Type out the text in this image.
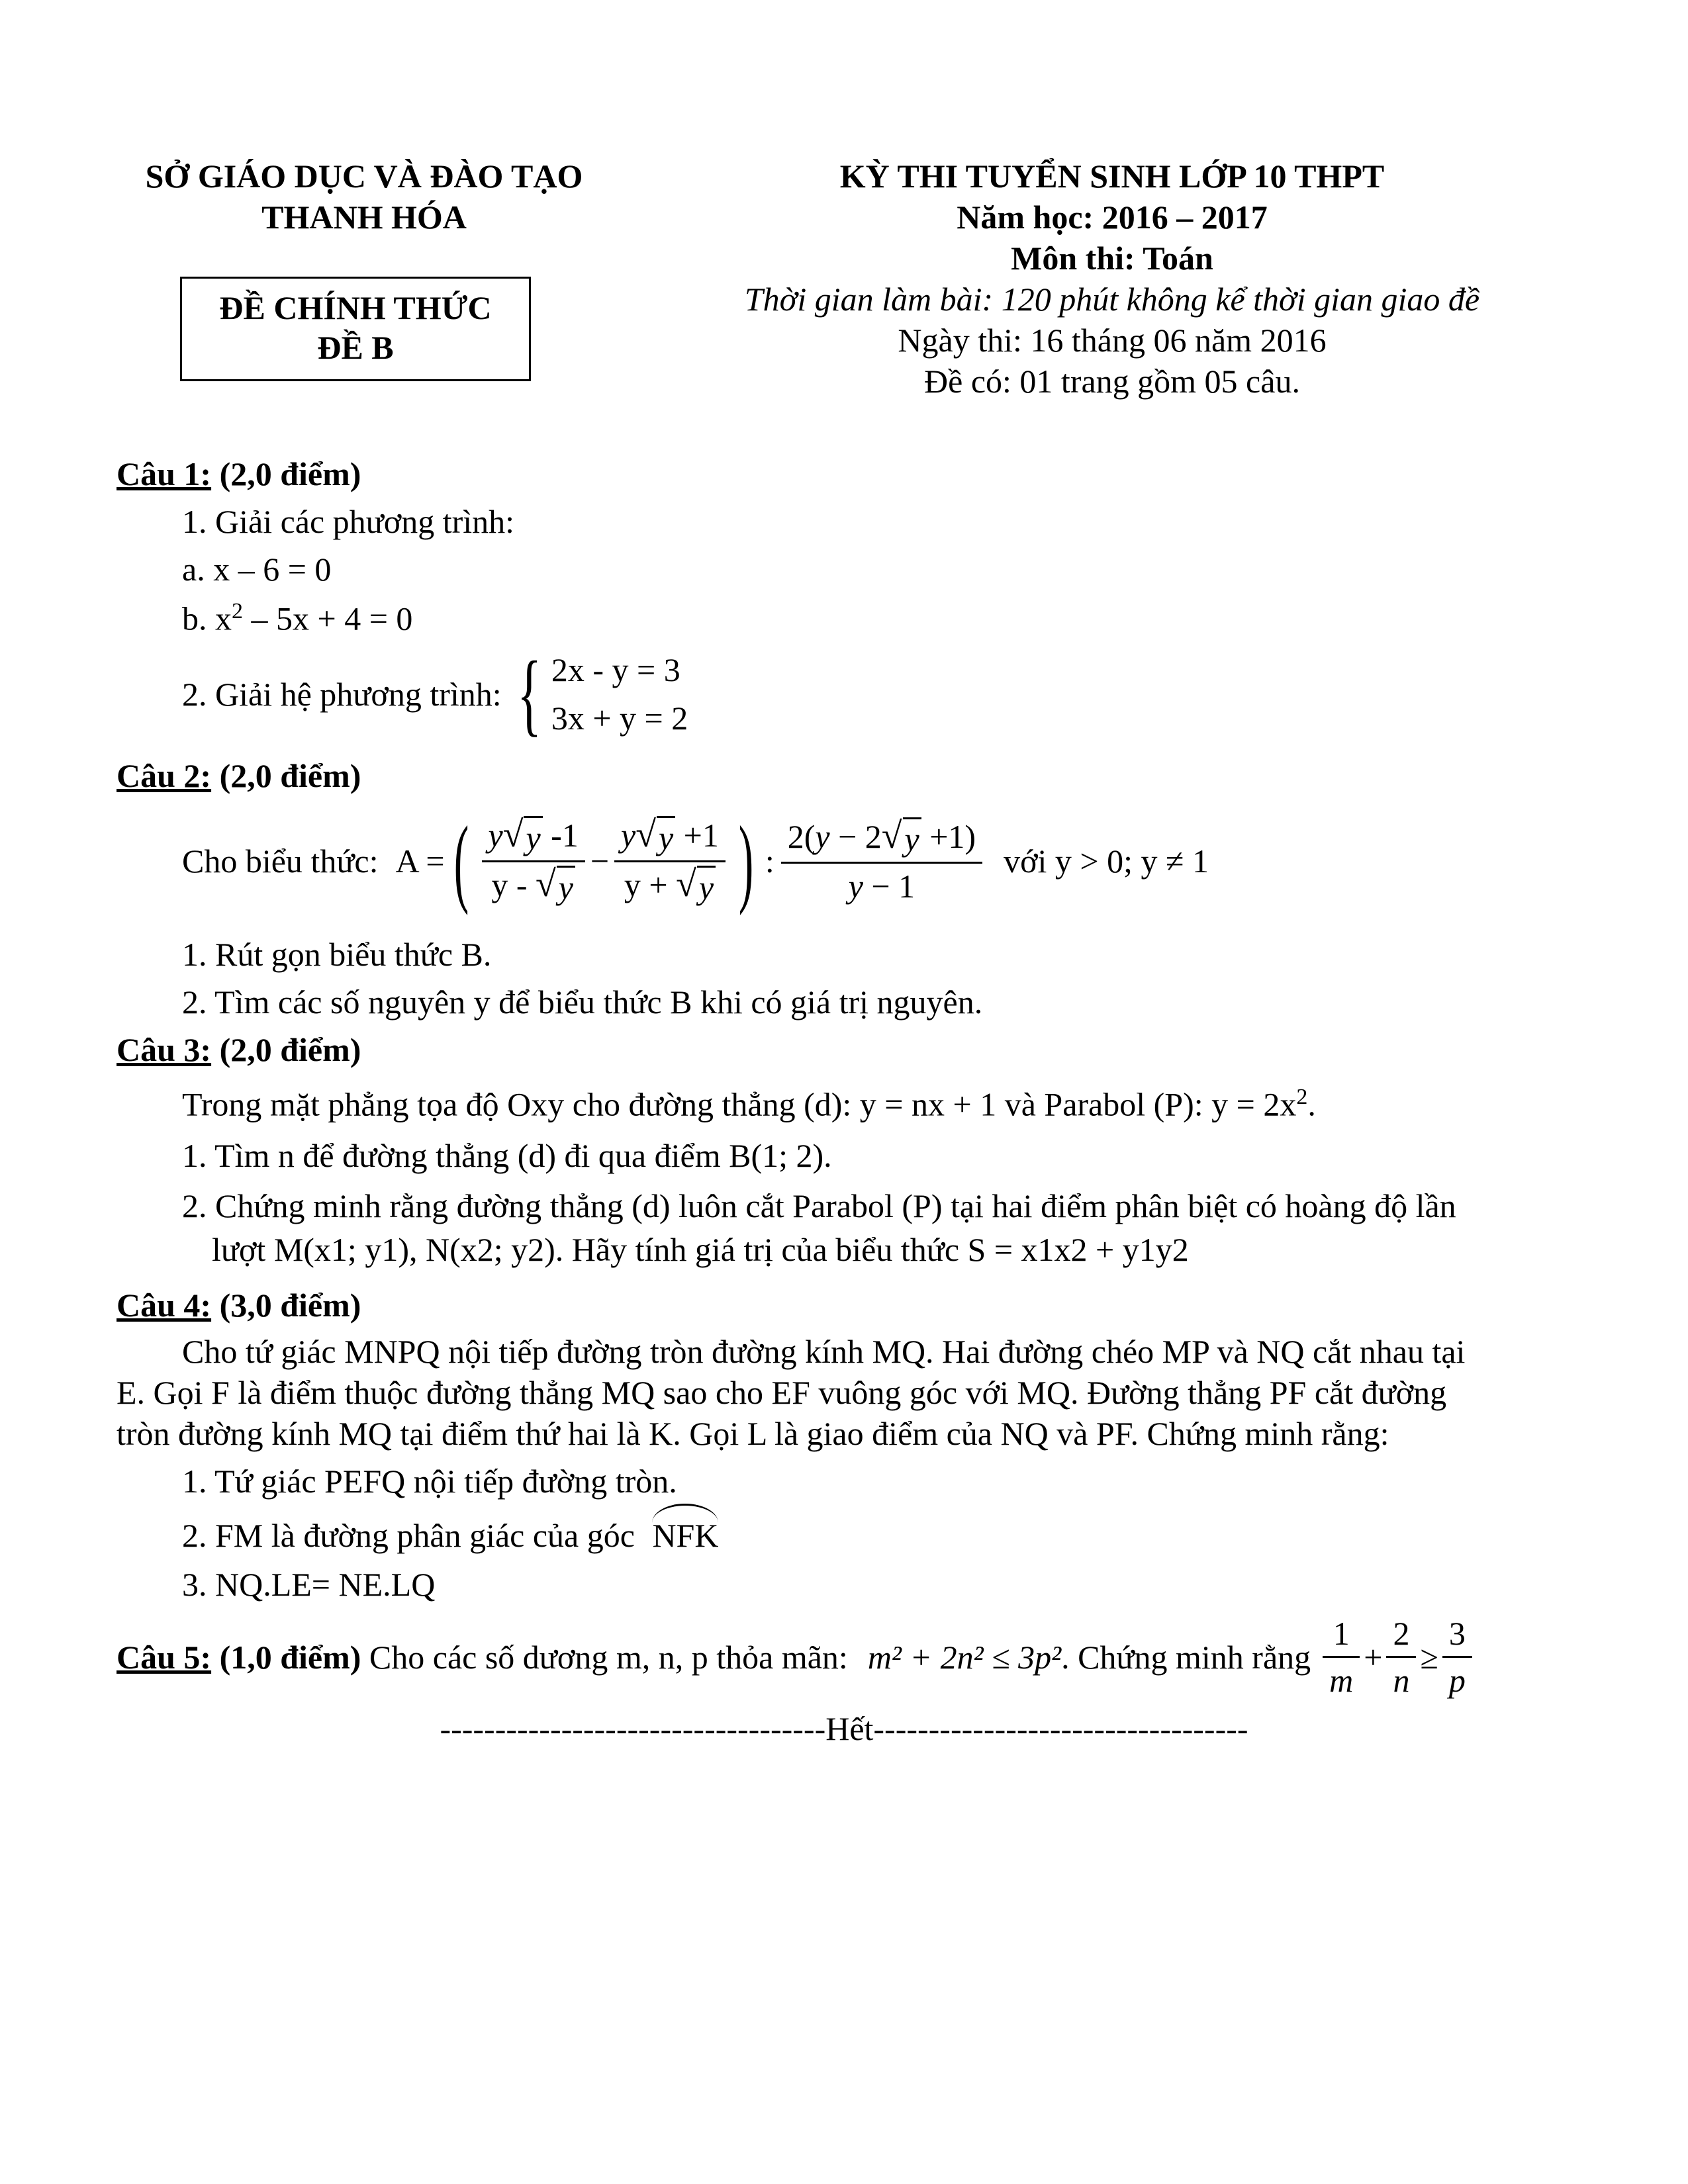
SỞ GIÁO DỤC VÀ ĐÀO TẠO
THANH HÓA
ĐỀ CHÍNH THỨC
ĐỀ B
KỲ THI TUYỂN SINH LỚP 10 THPT
Năm học: 2016 – 2017
Môn thi: Toán
Thời gian làm bài: 120 phút không kể thời gian giao đề
Ngày thi: 16 tháng 06 năm 2016
Đề có: 01 trang gồm 05 câu.
Câu 1: (2,0 điểm)
1. Giải các phương trình:
a. x – 6 = 0
b. $x^2 - 5x + 4 = 0$
2. Giải hệ phương trình: { 2x - y = 3
3x + y = 2
Câu 2: (2,0 điểm)
Cho biểu thức: A = ( $\frac{y √ y -1}{y - √ y} - \frac{y √ y +1}{y + √ y}$ ) : $\frac{2(y - 2 √ y +1)}{y - 1}$ với y > 0; y ≠ 1
1. Rút gọn biểu thức B.
2. Tìm các số nguyên y để biểu thức B khi có giá trị nguyên.
Câu 3: (2,0 điểm)
Trong mặt phẳng tọa độ Oxy cho đường thẳng (d): y = nx + 1 và Parabol (P): $y = 2x^2$.
1. Tìm n để đường thẳng (d) đi qua điểm B(1; 2).
2. Chứng minh rằng đường thẳng (d) luôn cắt Parabol (P) tại hai điểm phân biệt có hoàng độ lần
lượt M(x1; y1), N(x2; y2). Hãy tính giá trị của biểu thức S = x1x2 + y1y2
Câu 4: (3,0 điểm)
Cho tứ giác MNPQ nội tiếp đường tròn đường kính MQ. Hai đường chéo MP và NQ cắt nhau tại
E. Gọi F là điểm thuộc đường thẳng MQ sao cho EF vuông góc với MQ. Đường thẳng PF cắt đường
tròn đường kính MQ tại điểm thứ hai là K. Gọi L là giao điểm của NQ và PF. Chứng minh rằng:
1. Tứ giác PEFQ nội tiếp đường tròn.
2. FM là đường phân giác của góc NFK
3. NQ.LE= NE.LQ
Câu 5: (1,0 điểm) Cho các số dương m, n, p thỏa mãn: m² + 2n² ≤ 3p² . Chứng minh rằng $\frac{1}{m} + \frac{2}{n} \ge \frac{3}{p}$
-----------------------------------Hết----------------------------------
